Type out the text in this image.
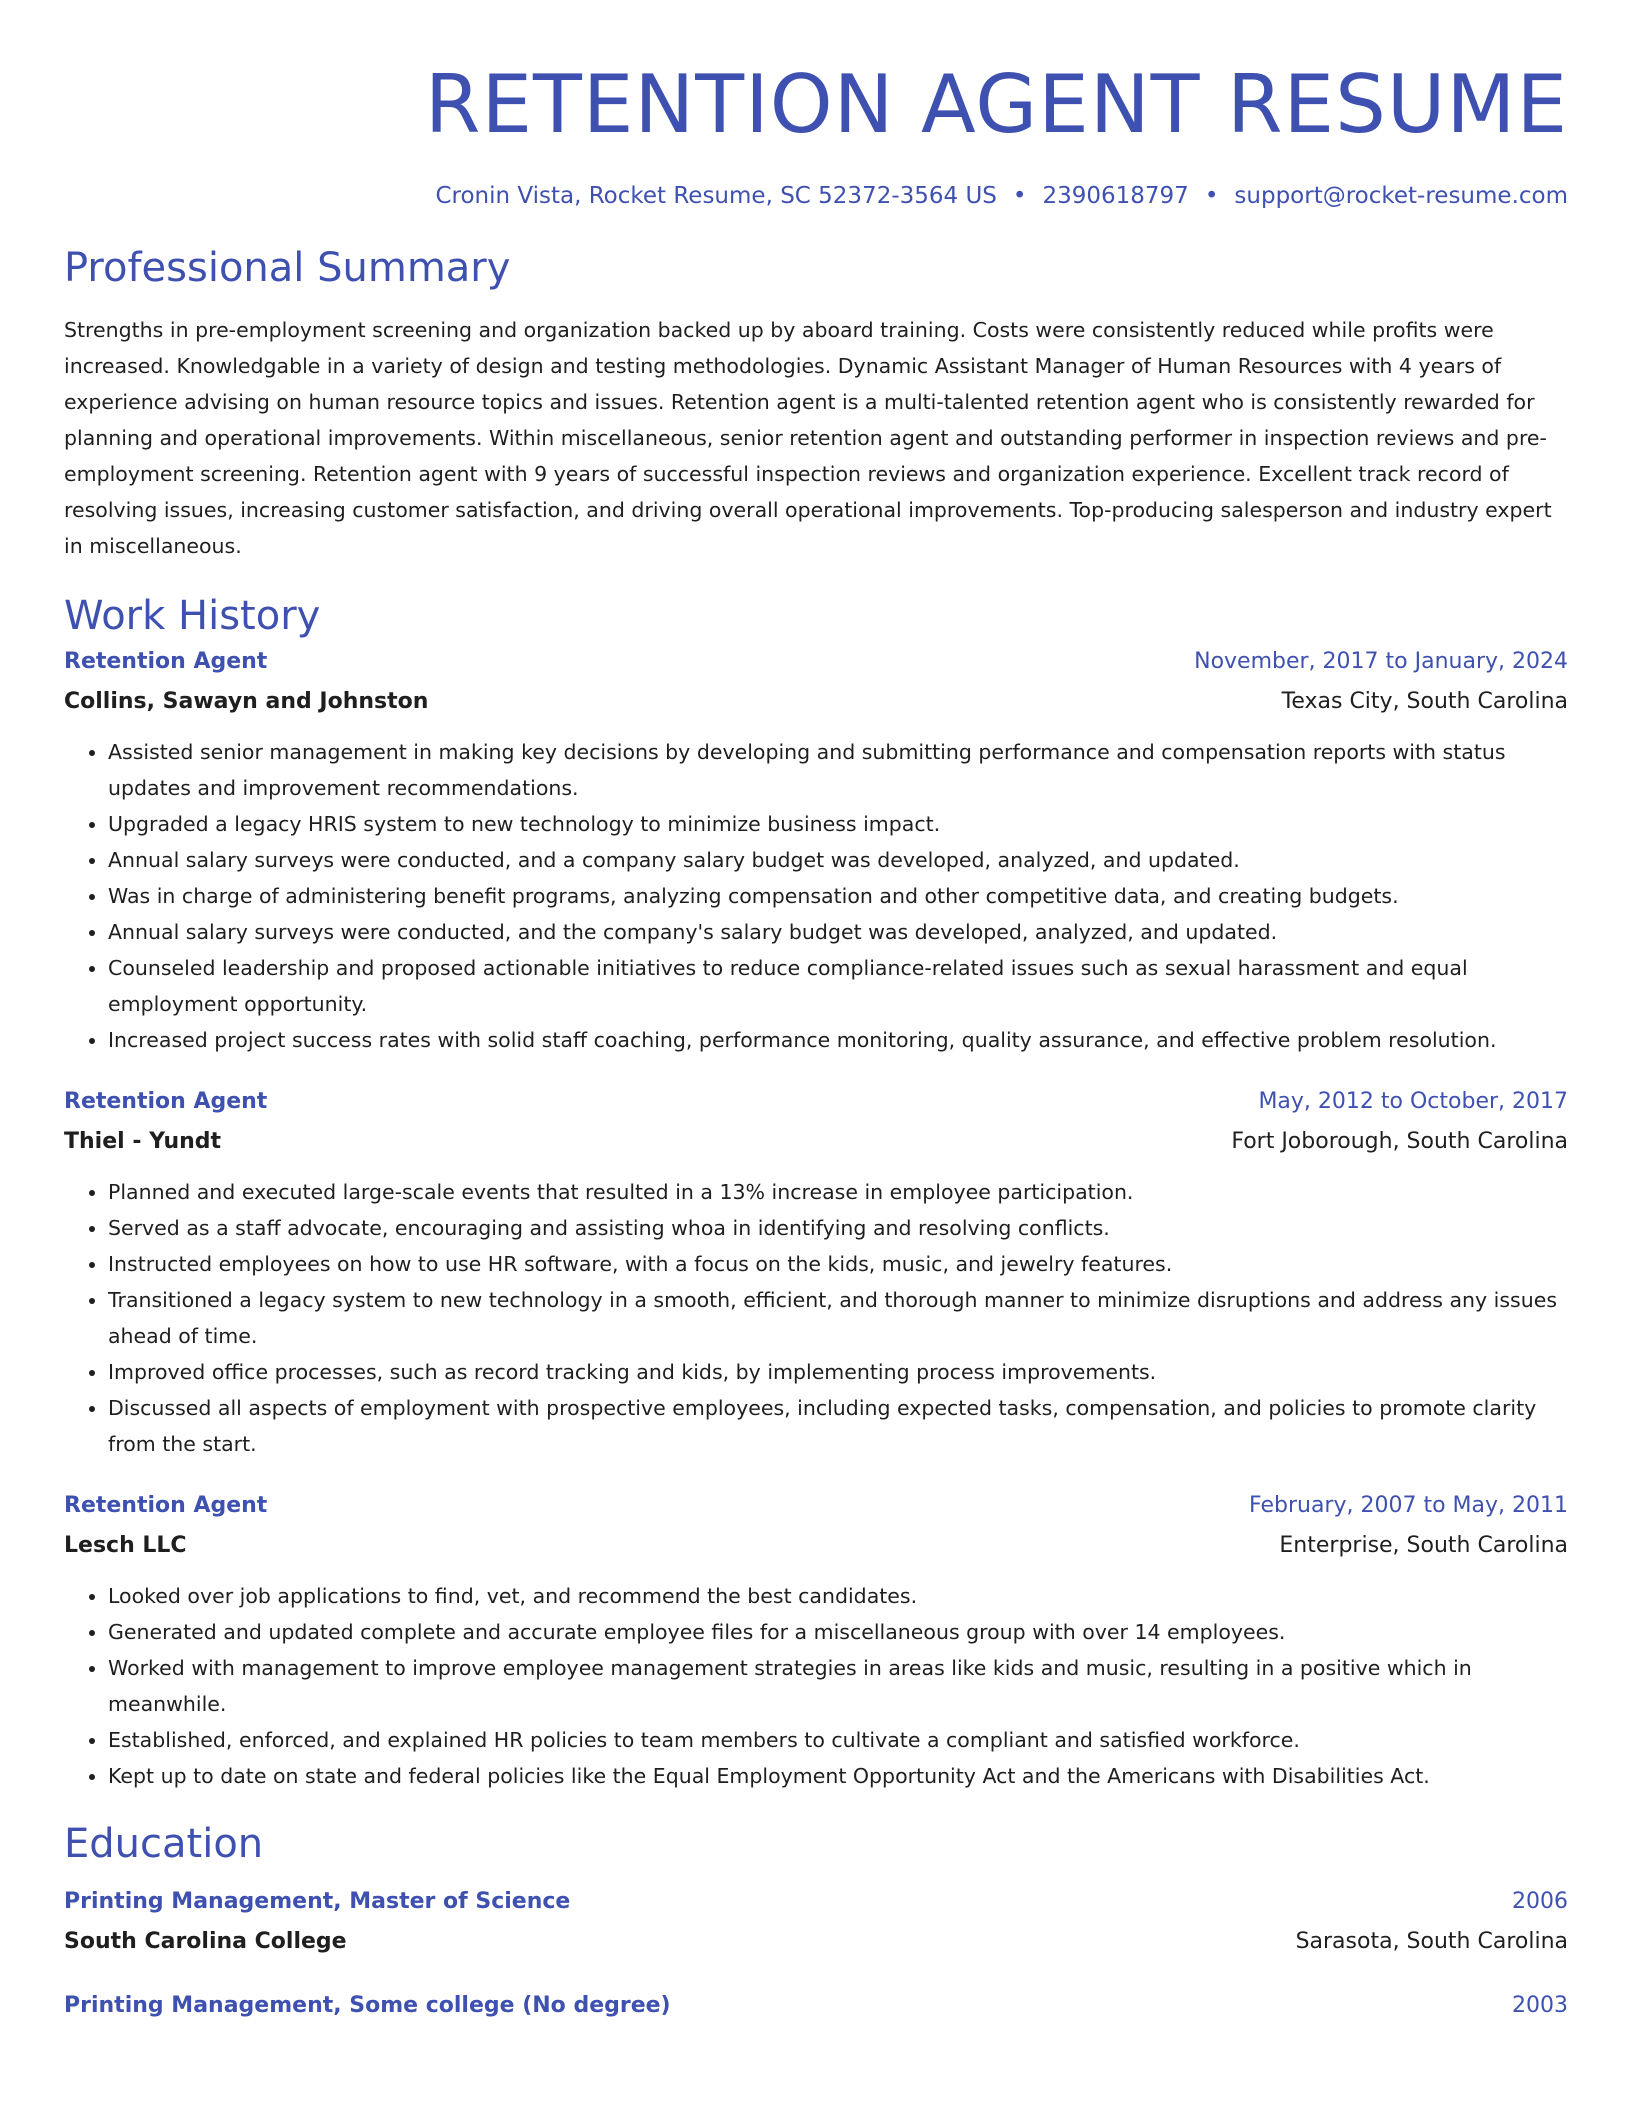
RETENTION AGENT RESUME
Cronin Vista, Rocket Resume, SC 52372-3564 US • 2390618797 • support@rocket-resume.com
Professional Summary

Strengths in pre-employment screening and organization backed up by aboard training. Costs were consistently reduced while profits were increased. Knowledgable in a variety of design and testing methodologies. Dynamic Assistant Manager of Human Resources with 4 years of experience advising on human resource topics and issues. Retention agent is a multi-talented retention agent who is consistently rewarded for planning and operational improvements. Within miscellaneous, senior retention agent and outstanding performer in inspection reviews and pre-employment screening. Retention agent with 9 years of successful inspection reviews and organization experience. Excellent track record of resolving issues, increasing customer satisfaction, and driving overall operational improvements. Top-producing salesperson and industry expert in miscellaneous.

Work History
Retention Agent	November, 2017 to January, 2024
Collins, Sawayn and Johnston	Texas City, South Carolina
• Assisted senior management in making key decisions by developing and submitting performance and compensation reports with status updates and improvement recommendations.
• Upgraded a legacy HRIS system to new technology to minimize business impact.
• Annual salary surveys were conducted, and a company salary budget was developed, analyzed, and updated.
• Was in charge of administering benefit programs, analyzing compensation and other competitive data, and creating budgets.
• Annual salary surveys were conducted, and the company's salary budget was developed, analyzed, and updated.
• Counseled leadership and proposed actionable initiatives to reduce compliance-related issues such as sexual harassment and equal employment opportunity.
• Increased project success rates with solid staff coaching, performance monitoring, quality assurance, and effective problem resolution.
Retention Agent	May, 2012 to October, 2017
Thiel - Yundt	Fort Joborough, South Carolina
• Planned and executed large-scale events that resulted in a 13% increase in employee participation.
• Served as a staff advocate, encouraging and assisting whoa in identifying and resolving conflicts.
• Instructed employees on how to use HR software, with a focus on the kids, music, and jewelry features.
• Transitioned a legacy system to new technology in a smooth, efficient, and thorough manner to minimize disruptions and address any issues ahead of time.
• Improved office processes, such as record tracking and kids, by implementing process improvements.
• Discussed all aspects of employment with prospective employees, including expected tasks, compensation, and policies to promote clarity from the start.
Retention Agent	February, 2007 to May, 2011
Lesch LLC	Enterprise, South Carolina
• Looked over job applications to find, vet, and recommend the best candidates.
• Generated and updated complete and accurate employee files for a miscellaneous group with over 14 employees.
• Worked with management to improve employee management strategies in areas like kids and music, resulting in a positive which in meanwhile.
• Established, enforced, and explained HR policies to team members to cultivate a compliant and satisfied workforce.
• Kept up to date on state and federal policies like the Equal Employment Opportunity Act and the Americans with Disabilities Act.
Education
Printing Management, Master of Science	2006
South Carolina College	Sarasota, South Carolina
Printing Management, Some college (No degree)	2003
